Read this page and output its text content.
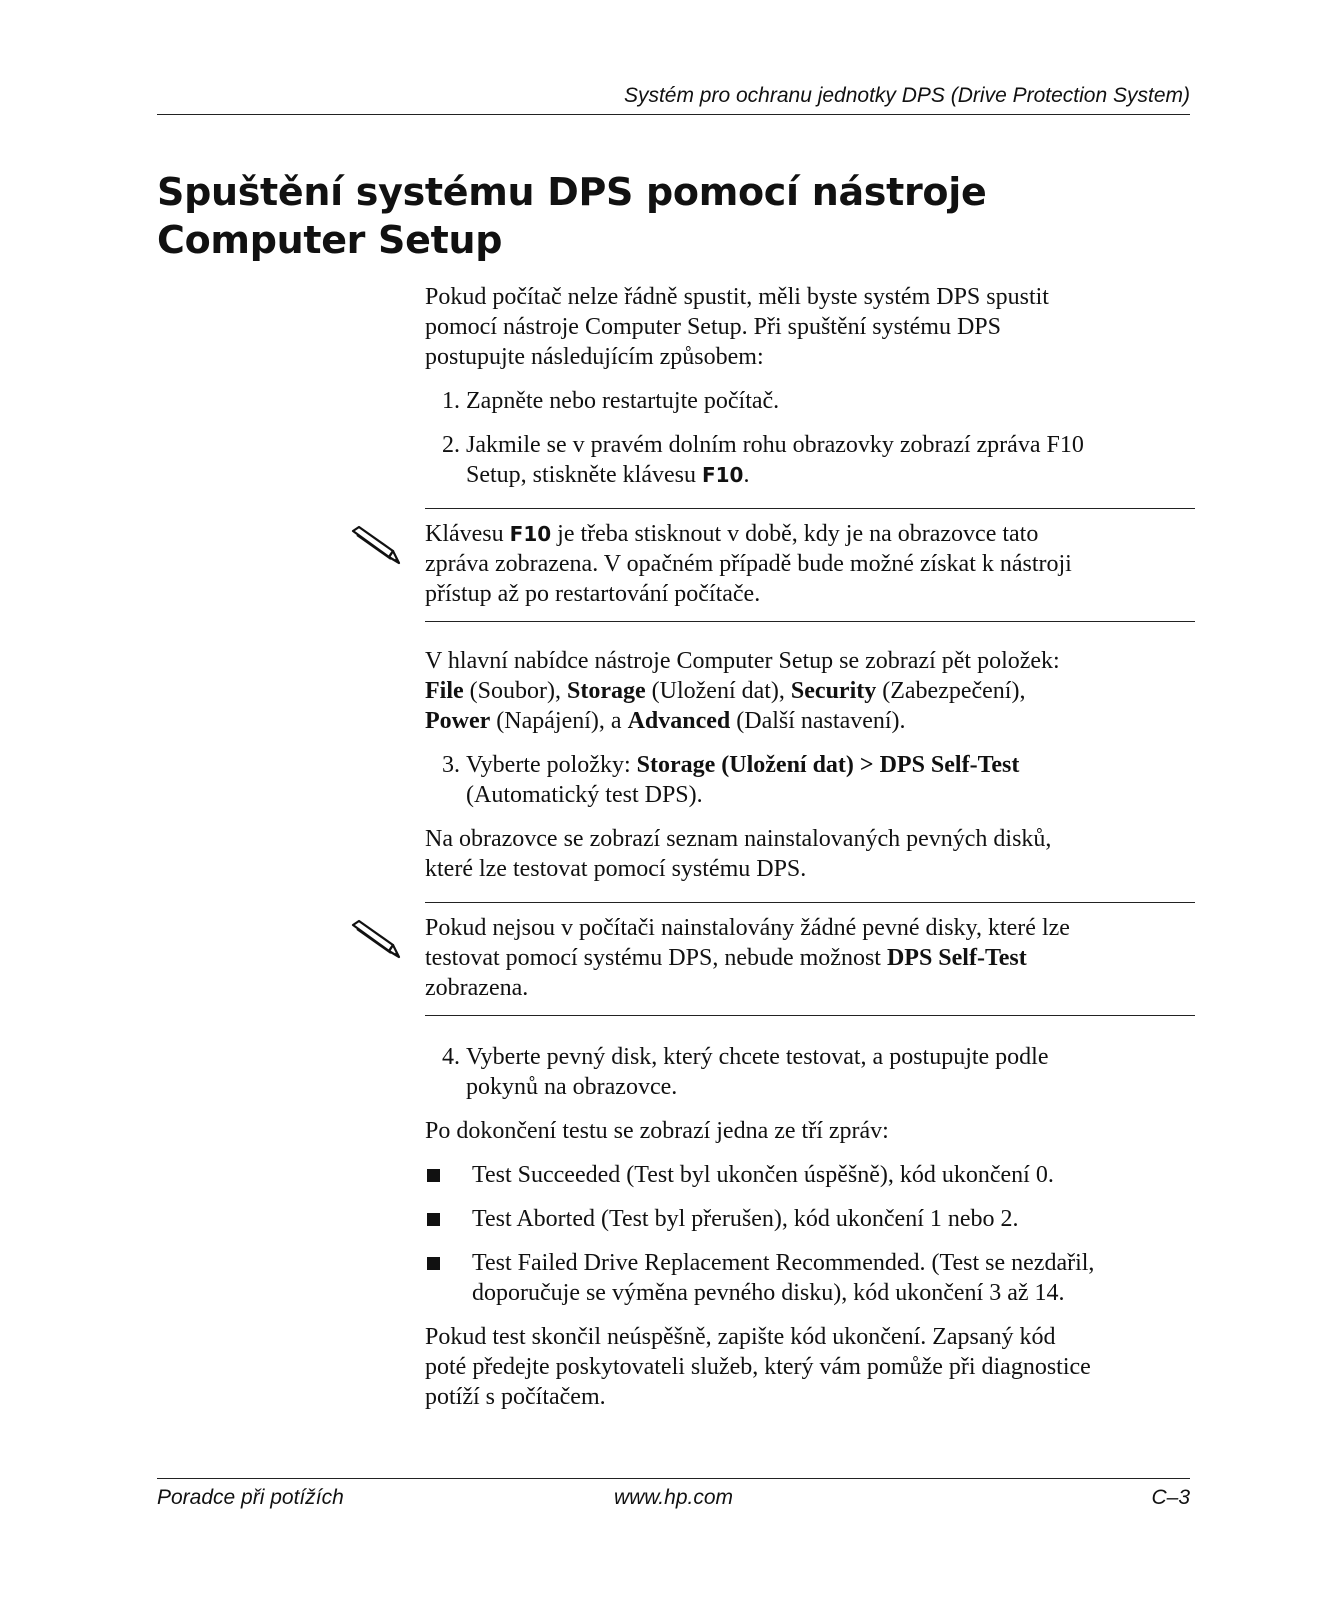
Systém pro ochranu jednotky DPS (Drive Protection System)
Spuštění systému DPS pomocí nástroje
Computer Setup

Pokud počítač nelze řádně spustit, měli byste systém DPS spustit
pomocí nástroje Computer Setup. Při spuštění systému DPS
postupujte následujícím způsobem:

1. Zapněte nebo restartujte počítač.
2. Jakmile se v pravém dolním rohu obrazovky zobrazí zpráva F10
Setup, stiskněte klávesu F10.

Klávesu F10 je třeba stisknout v době, kdy je na obrazovce tato
zpráva zobrazena. V opačném případě bude možné získat k nástroji
přístup až po restartování počítače.

V hlavní nabídce nástroje Computer Setup se zobrazí pět položek:
File (Soubor), Storage (Uložení dat), Security (Zabezpečení),
Power (Napájení), a Advanced (Další nastavení).

3. Vyberte položky: Storage (Uložení dat) > DPS Self-Test
(Automatický test DPS).

Na obrazovce se zobrazí seznam nainstalovaných pevných disků,
které lze testovat pomocí systému DPS.

Pokud nejsou v počítači nainstalovány žádné pevné disky, které lze
testovat pomocí systému DPS, nebude možnost DPS Self-Test
zobrazena.

4. Vyberte pevný disk, který chcete testovat, a postupujte podle
pokynů na obrazovce.

Po dokončení testu se zobrazí jedna ze tří zpráv:

Test Succeeded (Test byl ukončen úspěšně), kód ukončení 0.
Test Aborted (Test byl přerušen), kód ukončení 1 nebo 2.
Test Failed Drive Replacement Recommended. (Test se nezdařil,
doporučuje se výměna pevného disku), kód ukončení 3 až 14.

Pokud test skončil neúspěšně, zapište kód ukončení. Zapsaný kód
poté předejte poskytovateli služeb, který vám pomůže při diagnostice
potíží s počítačem.

Poradce při potížích	www.hp.com	C–3
